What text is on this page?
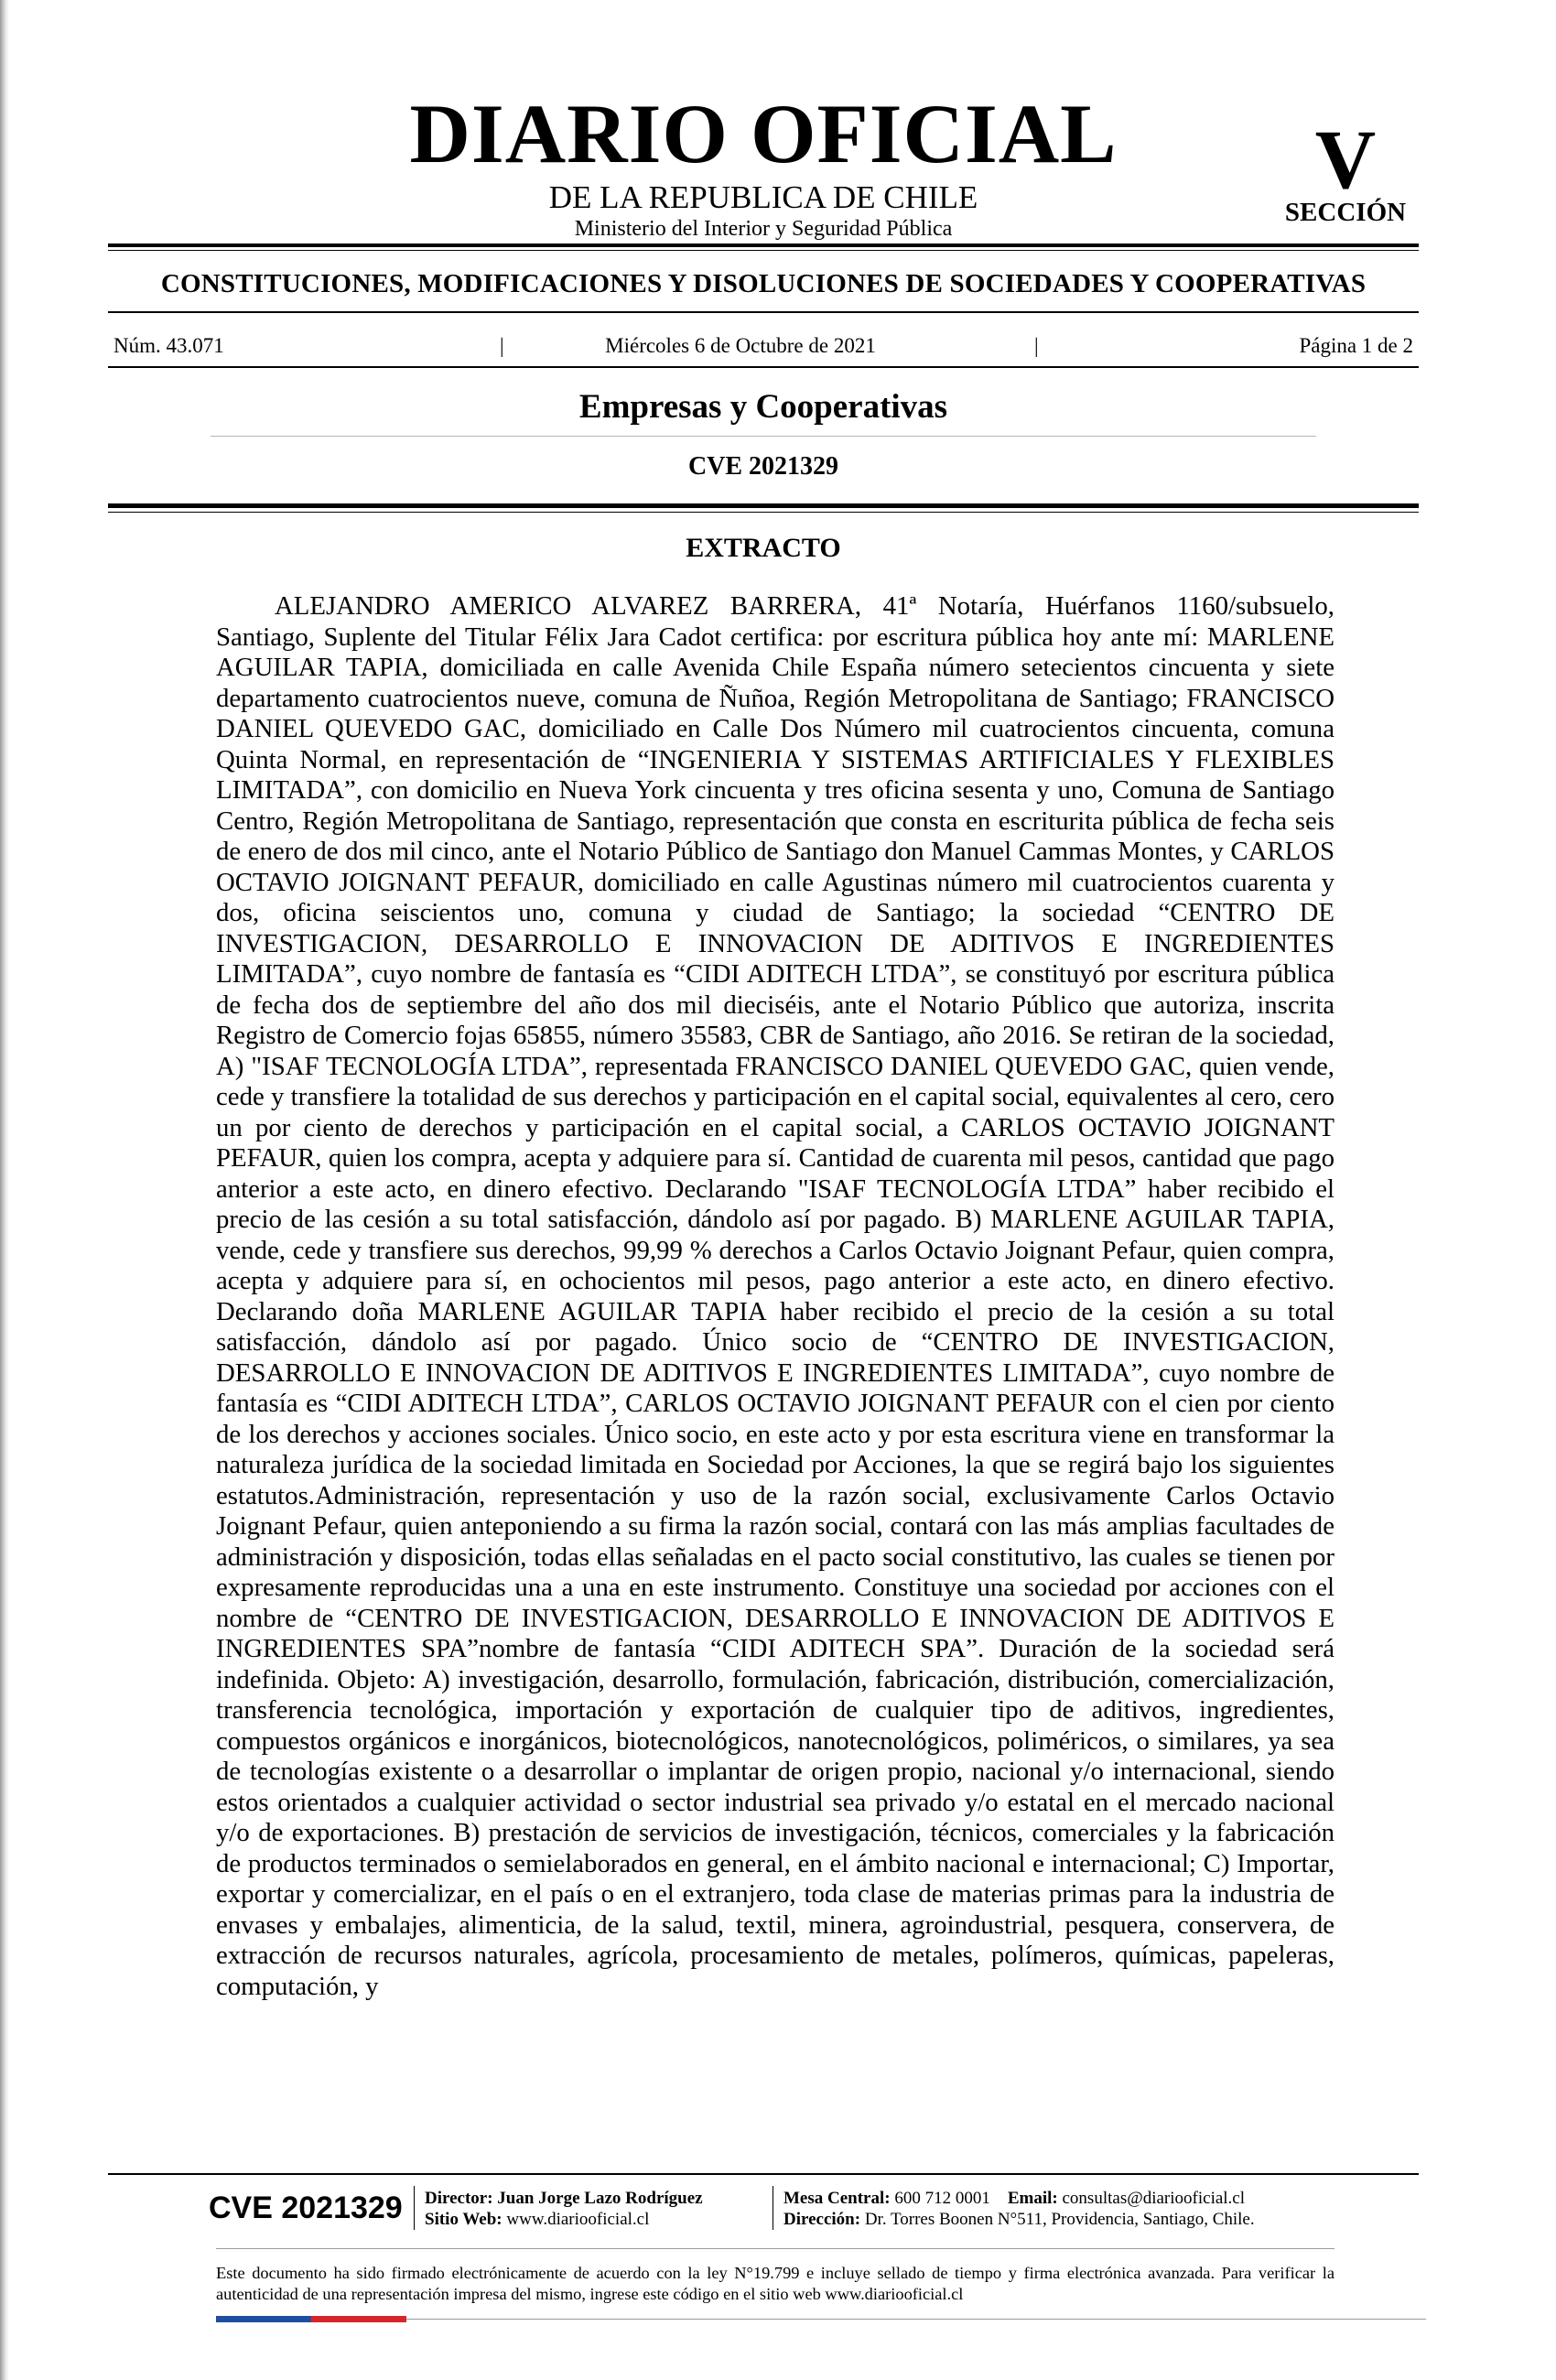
DIARIO OFICIAL
DE LA REPUBLICA DE CHILE
Ministerio del Interior y Seguridad Pública
V
SECCIÓN
CONSTITUCIONES, MODIFICACIONES Y DISOLUCIONES DE SOCIEDADES Y COOPERATIVAS
Núm. 43.071	|	Miércoles 6 de Octubre de 2021	|	Página 1 de 2
Empresas y Cooperativas
CVE 2021329
EXTRACTO

ALEJANDRO AMERICO ALVAREZ BARRERA, 41ª Notaría, Huérfanos 1160/subsuelo, Santiago, Suplente del Titular Félix Jara Cadot certifica: por escritura pública hoy ante mí: MARLENE AGUILAR TAPIA, domiciliada en calle Avenida Chile España número setecientos cincuenta y siete departamento cuatrocientos nueve, comuna de Ñuñoa, Región Metropolitana de Santiago; FRANCISCO DANIEL QUEVEDO GAC, domiciliado en Calle Dos Número mil cuatrocientos cincuenta, comuna Quinta Normal, en representación de “INGENIERIA Y SISTEMAS ARTIFICIALES Y FLEXIBLES LIMITADA”, con domicilio en Nueva York cincuenta y tres oficina sesenta y uno, Comuna de Santiago Centro, Región Metropolitana de Santiago, representación que consta en escriturita pública de fecha seis de enero de dos mil cinco, ante el Notario Público de Santiago don Manuel Cammas Montes, y CARLOS OCTAVIO JOIGNANT PEFAUR, domiciliado en calle Agustinas número mil cuatrocientos cuarenta y dos, oficina seiscientos uno, comuna y ciudad de Santiago; la sociedad “CENTRO DE INVESTIGACION, DESARROLLO E INNOVACION DE ADITIVOS E INGREDIENTES LIMITADA”, cuyo nombre de fantasía es “CIDI ADITECH LTDA”, se constituyó por escritura pública de fecha dos de septiembre del año dos mil dieciséis, ante el Notario Público que autoriza, inscrita Registro de Comercio fojas 65855, número 35583, CBR de Santiago, año 2016. Se retiran de la sociedad, A) "ISAF TECNOLOGÍA LTDA”, representada FRANCISCO DANIEL QUEVEDO GAC, quien vende, cede y transfiere la totalidad de sus derechos y participación en el capital social, equivalentes al cero, cero un por ciento de derechos y participación en el capital social, a CARLOS OCTAVIO JOIGNANT PEFAUR, quien los compra, acepta y adquiere para sí. Cantidad de cuarenta mil pesos, cantidad que pago anterior a este acto, en dinero efectivo. Declarando "ISAF TECNOLOGÍA LTDA” haber recibido el precio de las cesión a su total satisfacción, dándolo así por pagado. B) MARLENE AGUILAR TAPIA, vende, cede y transfiere sus derechos, 99,99 % derechos a Carlos Octavio Joignant Pefaur, quien compra, acepta y adquiere para sí, en ochocientos mil pesos, pago anterior a este acto, en dinero efectivo. Declarando doña MARLENE AGUILAR TAPIA haber recibido el precio de la cesión a su total satisfacción, dándolo así por pagado. Único socio de “CENTRO DE INVESTIGACION, DESARROLLO E INNOVACION DE ADITIVOS E INGREDIENTES LIMITADA”, cuyo nombre de fantasía es “CIDI ADITECH LTDA”, CARLOS OCTAVIO JOIGNANT PEFAUR con el cien por ciento de los derechos y acciones sociales. Único socio, en este acto y por esta escritura viene en transformar la naturaleza jurídica de la sociedad limitada en Sociedad por Acciones, la que se regirá bajo los siguientes estatutos.Administración, representación y uso de la razón social, exclusivamente Carlos Octavio Joignant Pefaur, quien anteponiendo a su firma la razón social, contará con las más amplias facultades de administración y disposición, todas ellas señaladas en el pacto social constitutivo, las cuales se tienen por expresamente reproducidas una a una en este instrumento. Constituye una sociedad por acciones con el nombre de “CENTRO DE INVESTIGACION, DESARROLLO E INNOVACION DE ADITIVOS E INGREDIENTES SPA”nombre de fantasía “CIDI ADITECH SPA”. Duración de la sociedad será indefinida. Objeto: A) investigación, desarrollo, formulación, fabricación, distribución, comercialización, transferencia tecnológica, importación y exportación de cualquier tipo de aditivos, ingredientes, compuestos orgánicos e inorgánicos, biotecnológicos, nanotecnológicos, poliméricos, o similares, ya sea de tecnologías existente o a desarrollar o implantar de origen propio, nacional y/o internacional, siendo estos orientados a cualquier actividad o sector industrial sea privado y/o estatal en el mercado nacional y/o de exportaciones. B) prestación de servicios de investigación, técnicos, comerciales y la fabricación de productos terminados o semielaborados en general, en el ámbito nacional e internacional; C) Importar, exportar y comercializar, en el país o en el extranjero, toda clase de materias primas para la industria de envases y embalajes, alimenticia, de la salud, textil, minera, agroindustrial, pesquera, conservera, de extracción de recursos naturales, agrícola, procesamiento de metales, polímeros, químicas, papeleras, computación, y

CVE 2021329	Director: Juan Jorge Lazo Rodríguez
Sitio Web: www.diariooficial.cl
Mesa Central: 600 712 0001 Email: consultas@diariooficial.cl
Dirección: Dr. Torres Boonen N°511, Providencia, Santiago, Chile.

Este documento ha sido firmado electrónicamente de acuerdo con la ley N°19.799 e incluye sellado de tiempo y firma electrónica avanzada. Para verificar la autenticidad de una representación impresa del mismo, ingrese este código en el sitio web www.diariooficial.cl
